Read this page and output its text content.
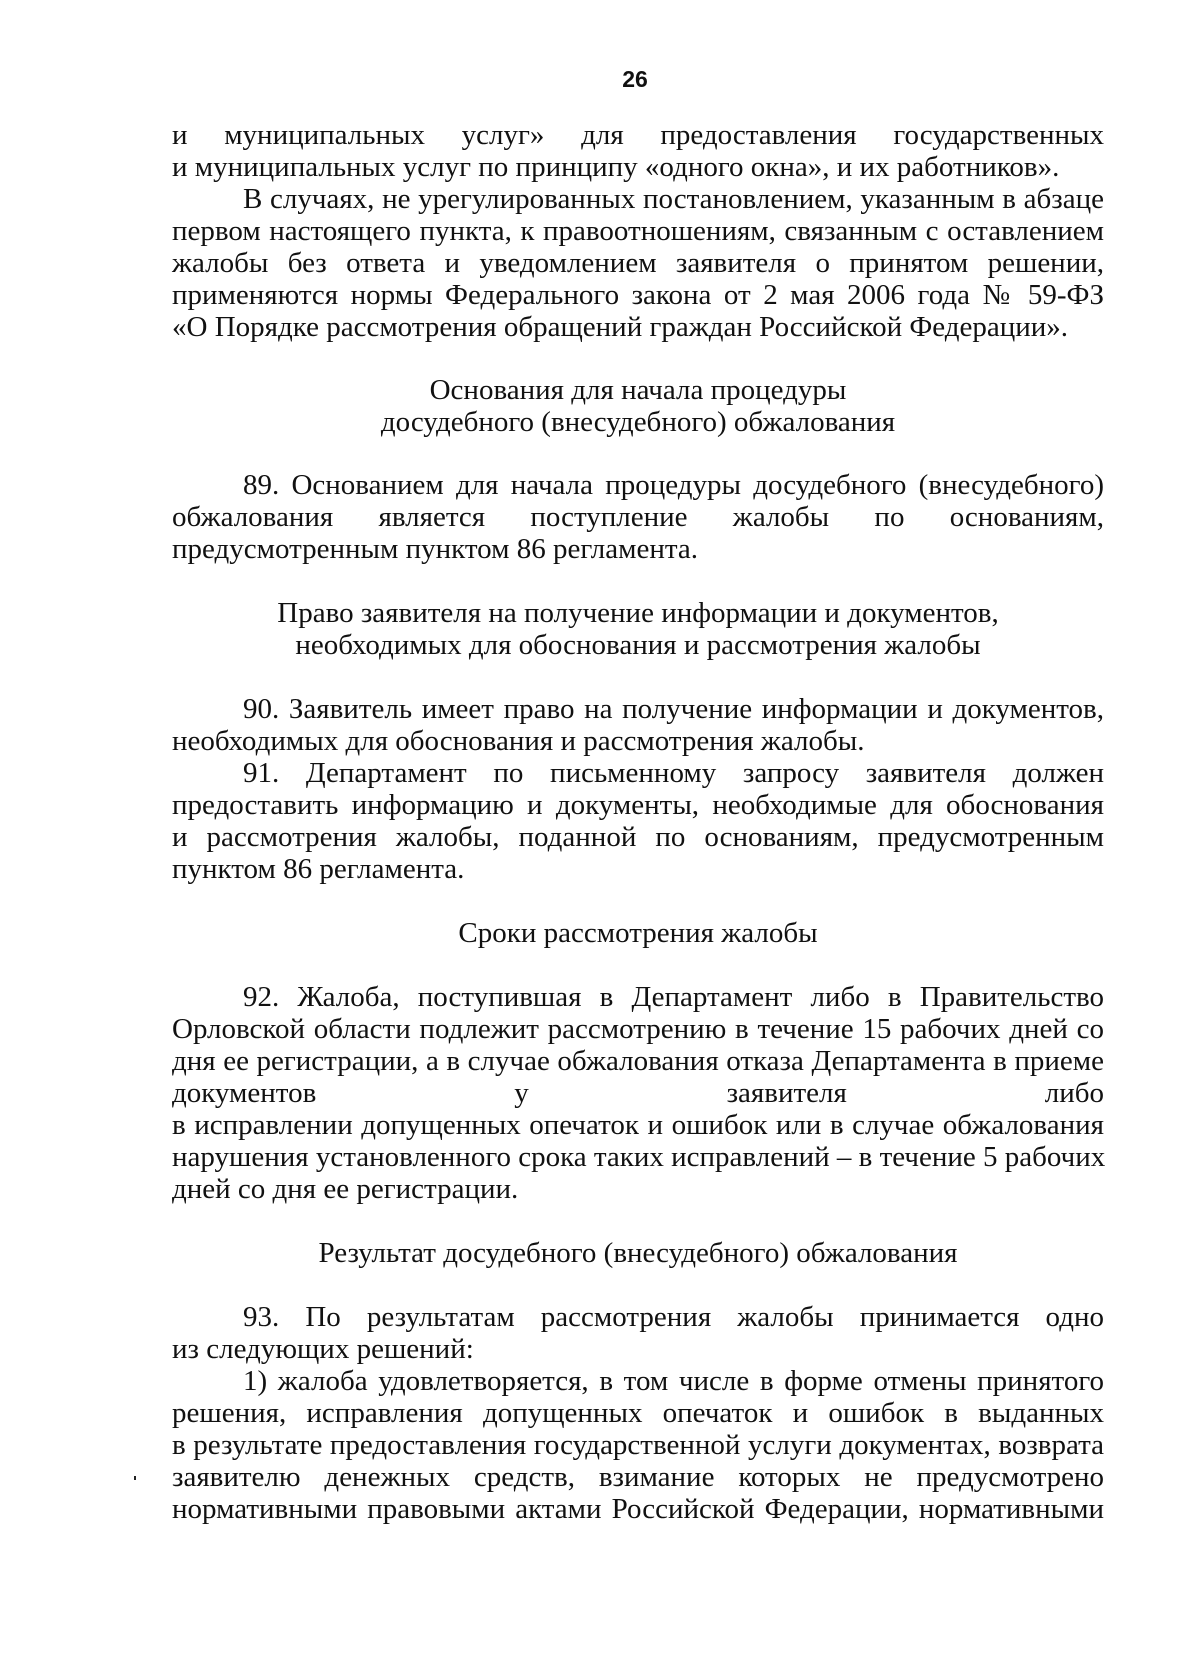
26
и муниципальных услуг» для предоставления государственных
и муниципальных услуг по принципу «одного окна», и их работников».
В случаях, не урегулированных постановлением, указанным в абзаце
первом настоящего пункта, к правоотношениям, связанным с оставлением
жалобы без ответа и уведомлением заявителя о принятом решении,
применяются нормы Федерального закона от 2 мая 2006 года № 59-ФЗ
«О Порядке рассмотрения обращений граждан Российской Федерации».
Основания для начала процедуры
досудебного (внесудебного) обжалования
89. Основанием для начала процедуры досудебного (внесудебного)
обжалования является поступление жалобы по основаниям,
предусмотренным пунктом 86 регламента.
Право заявителя на получение информации и документов,
необходимых для обоснования и рассмотрения жалобы
90. Заявитель имеет право на получение информации и документов,
необходимых для обоснования и рассмотрения жалобы.
91. Департамент по письменному запросу заявителя должен
предоставить информацию и документы, необходимые для обоснования
и рассмотрения жалобы, поданной по основаниям, предусмотренным
пунктом 86 регламента.
Сроки рассмотрения жалобы
92. Жалоба, поступившая в Департамент либо в Правительство
Орловской области подлежит рассмотрению в течение 15 рабочих дней со
дня ее регистрации, а в случае обжалования отказа Департамента в приеме
документов у заявителя либо
в исправлении допущенных опечаток и ошибок или в случае обжалования
нарушения установленного срока таких исправлений – в течение 5 рабочих
дней со дня ее регистрации.
Результат досудебного (внесудебного) обжалования
93. По результатам рассмотрения жалобы принимается одно
из следующих решений:
1) жалоба удовлетворяется, в том числе в форме отмены принятого
решения, исправления допущенных опечаток и ошибок в выданных
в результате предоставления государственной услуги документах, возврата
заявителю денежных средств, взимание которых не предусмотрено
нормативными правовыми актами Российской Федерации, нормативными
